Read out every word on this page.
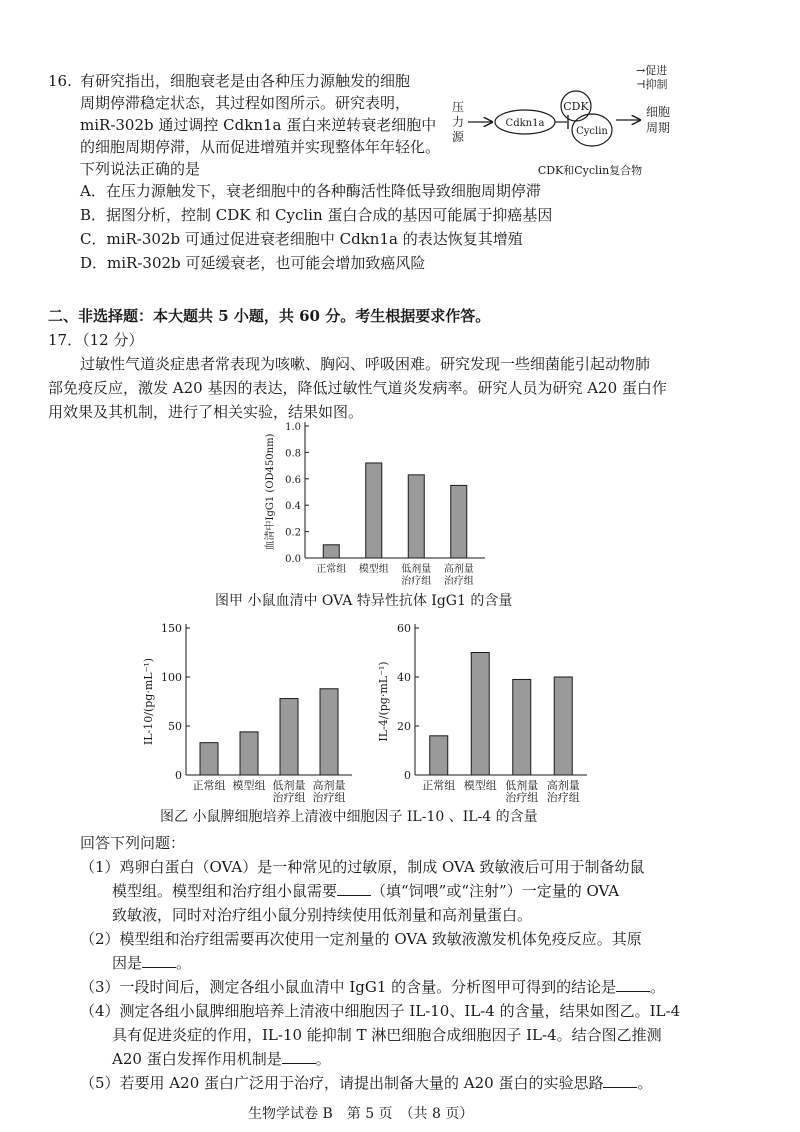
16. 有研究指出，细胞衰老是由各种压力源触发的细胞
周期停滞稳定状态，其过程如图所示。研究表明，
miR-302b 通过调控 Cdkn1a 蛋白来逆转衰老细胞中
的细胞周期停滞，从而促进增殖并实现整体年年轻化。
下列说法正确的是
→促进
⊣抑制
压
力
源
Cdkn1a
CDK
Cyclin
细胞
周期
CDK和Cyclin复合物
A．在压力源触发下，衰老细胞中的各种酶活性降低导致细胞周期停滞
B．据图分析，控制 CDK 和 Cyclin 蛋白合成的基因可能属于抑癌基因
C．miR-302b 可通过促进衰老细胞中 Cdkn1a 的表达恢复其增殖
D．miR-302b 可延缓衰老，也可能会增加致癌风险
二、非选择题：本大题共 5 小题，共 60 分。考生根据要求作答。
17．（12 分）
过敏性气道炎症患者常表现为咳嗽、胸闷、呼吸困难。研究发现一些细菌能引起动物肺
部免疫反应，激发 A20 基因的表达，降低过敏性气道炎发病率。研究人员为研究 A20 蛋白作
用效果及其机制，进行了相关实验，结果如图。
0.0
0.2
0.4
0.6
0.8
1.0
血清中IgG1 (OD450nm)
正常组 模型组 低剂量
治疗组
高剂量
治疗组
图甲 小鼠血清中 OVA 特异性抗体 IgG1 的含量
0
50
100
150
IL-10/(pg·mL⁻¹)
正常组 模型组 低剂量
治疗组
高剂量
治疗组
0
20
40
60
IL-4/(pg·mL⁻¹)
正常组 模型组 低剂量
治疗组
高剂量
治疗组
图乙 小鼠脾细胞培养上清液中细胞因子 IL-10 、IL-4 的含量
回答下列问题：
（1）鸡卵白蛋白（OVA）是一种常见的过敏原，制成 OVA 致敏液后可用于制备幼鼠
模型组。模型组和治疗组小鼠需要 （填“饲喂”或“注射”）一定量的 OVA
致敏液，同时对治疗组小鼠分别持续使用低剂量和高剂量蛋白。
（2）模型组和治疗组需要再次使用一定剂量的 OVA 致敏液激发机体免疫反应。其原
因是 。
（3）一段时间后，测定各组小鼠血清中 IgG1 的含量。分析图甲可得到的结论是 。
（4）测定各组小鼠脾细胞培养上清液中细胞因子 IL-10、IL-4 的含量，结果如图乙。IL-4
具有促进炎症的作用，IL-10 能抑制 T 淋巴细胞合成细胞因子 IL-4。结合图乙推测
A20 蛋白发挥作用机制是 。
（5）若要用 A20 蛋白广泛用于治疗，请提出制备大量的 A20 蛋白的实验思路 。
生物学试卷 B　第 5 页　（共 8 页）
